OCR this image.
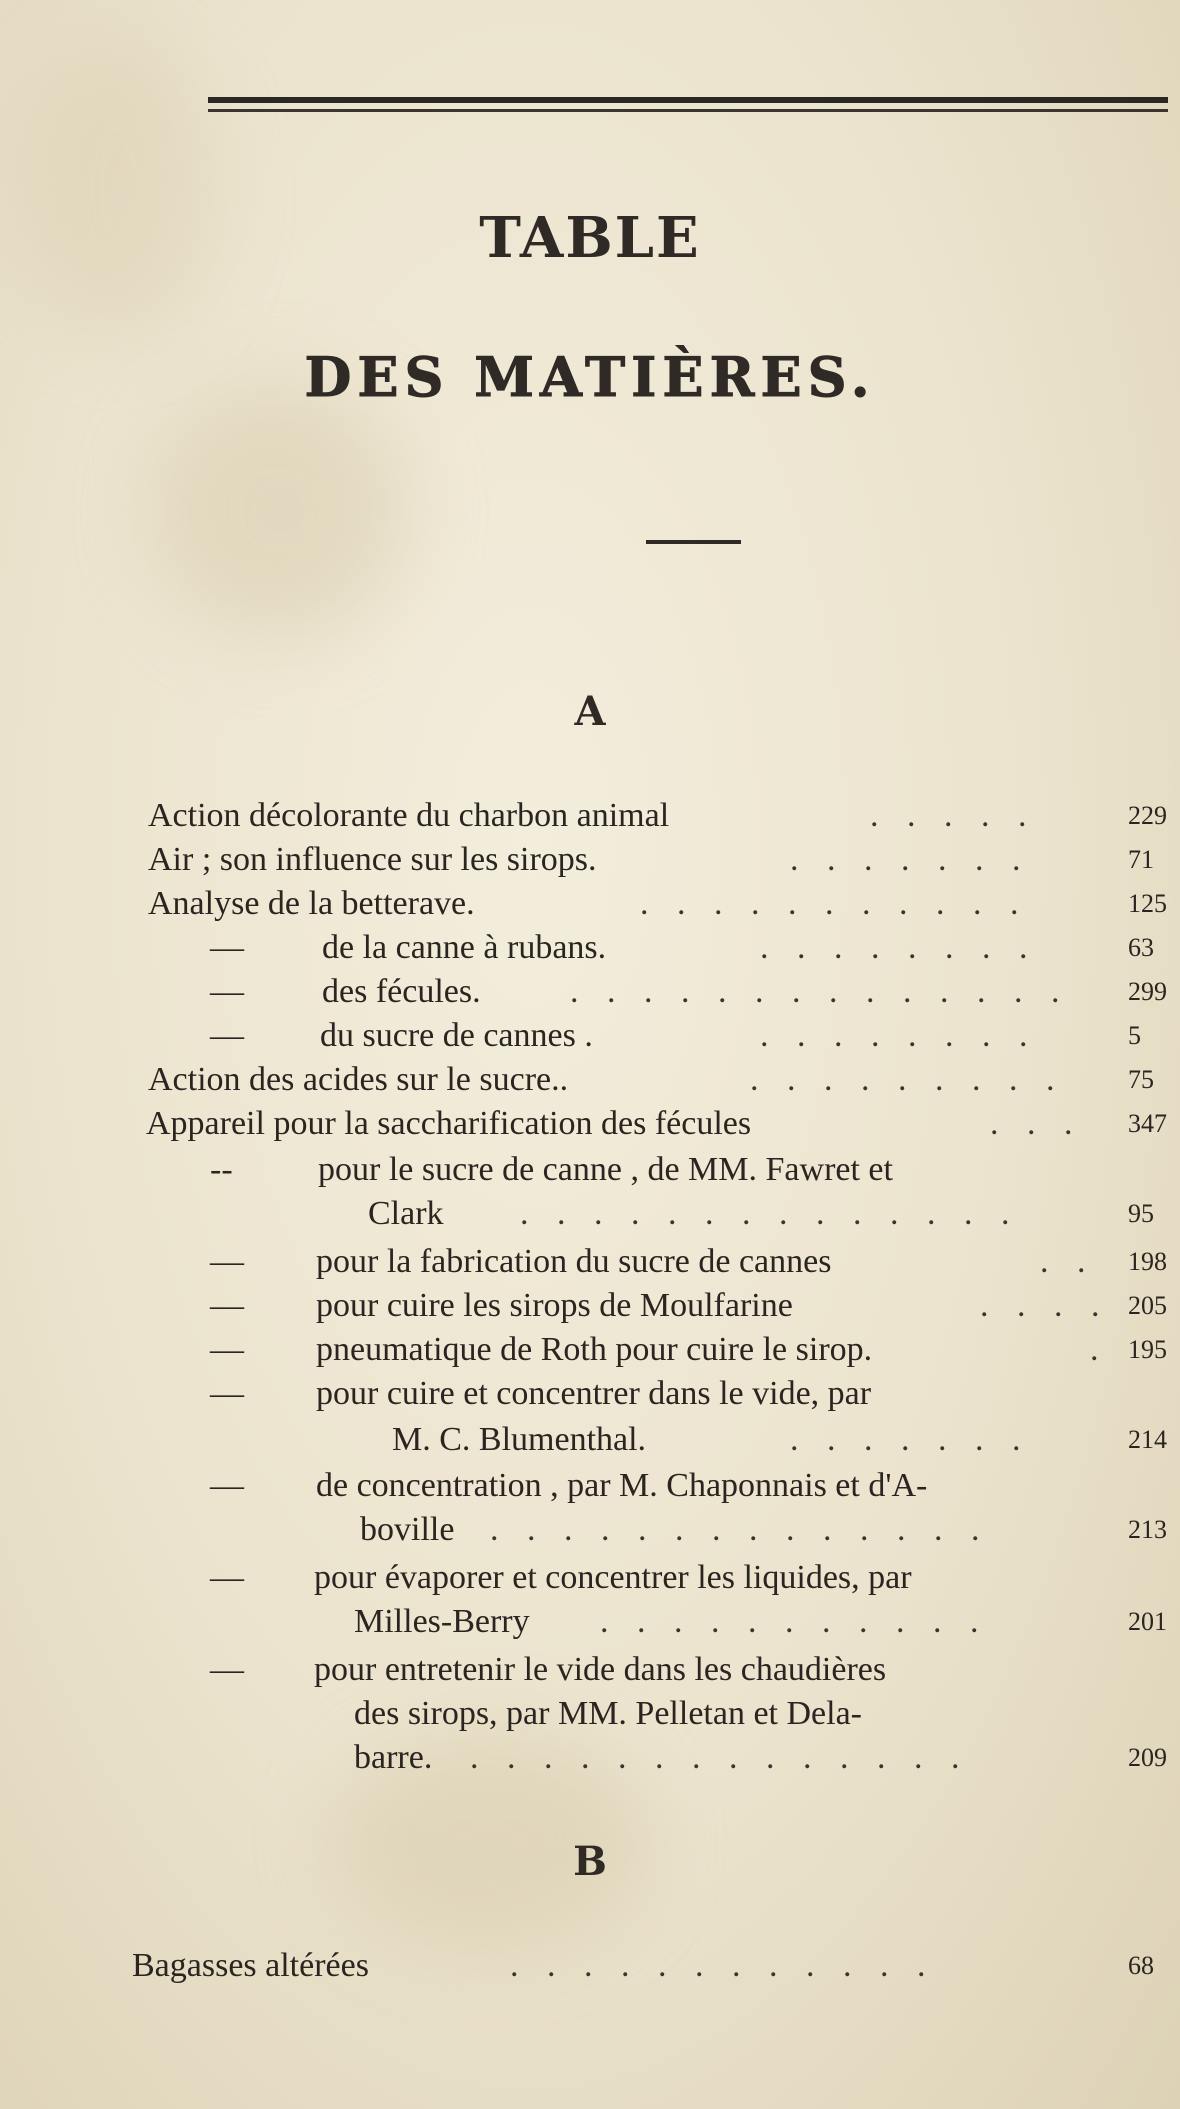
TABLE
DES MATIÈRES.
A
B
Action décolorante du charbon animal	. . . . .	229
Air ; son influence sur les sirops.	. . . . . . .	71
Analyse de la betterave.	. . . . . . . . . . .	125
— de la canne à rubans.	. . . . . . . .	63
— des fécules.	. . . . . . . . . . . . . . 299
— du sucre de cannes .	. . . . . . . .	5
Action des acides sur le sucre..	. . . . . . . . . 75
Appareil pour la saccharification des fécules	. . . 347
--	pour le sucre de canne , de MM. Fawret et
Clark . . . . . . . . . . . . . .	95
— pour la fabrication du sucre de cannes	. . 198
— pour cuire les sirops de Moulfarine	. . . . 205
— pneumatique de Roth pour cuire le sirop.	. 195
— pour cuire et concentrer dans le vide, par
M. C. Blumenthal.	. . . . . . .	214
— de concentration , par M. Chaponnais et d'A-
boville . . . . . . . . . . . . . .	213
— pour évaporer et concentrer les liquides, par
Milles-Berry . . . . . . . . . . .	201
— pour entretenir le vide dans les chaudières
des sirops, par MM. Pelletan et Dela-
barre. . . . . . . . . . . . . . .	209
Bagasses altérées	. . . . . . . . . . . .	68
